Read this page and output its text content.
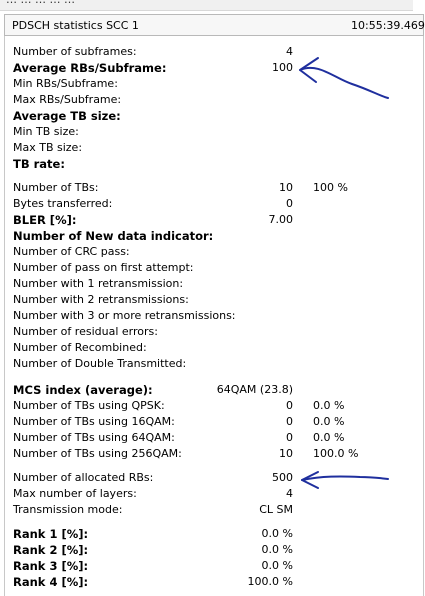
PDSCH statistics SCC 1	10:55:39.469
Number of subframes:	4
Average RBs/Subframe:	100
Min RBs/Subframe:
Max RBs/Subframe:
Average TB size:
Min TB size:
Max TB size:
TB rate:
Number of TBs:	10 100 %
Bytes transferred:	0
BLER [%]:	7.00
Number of New data indicator:
Number of CRC pass:
Number of pass on first attempt:
Number with 1 retransmission:
Number with 2 retransmissions:
Number with 3 or more retransmissions:
Number of residual errors:
Number of Recombined:
Number of Double Transmitted:
MCS index (average):	64QAM (23.8)
Number of TBs using QPSK:	0 0.0 %
Number of TBs using 16QAM:	0 0.0 %
Number of TBs using 64QAM:	0 0.0 %
Number of TBs using 256QAM:	10 100.0 %
Number of allocated RBs:	500
Max number of layers:	4
Transmission mode:	CL SM
Rank 1 [%]:	0.0 %
Rank 2 [%]:	0.0 %
Rank 3 [%]:	0.0 %
Rank 4 [%]:	100.0 %
